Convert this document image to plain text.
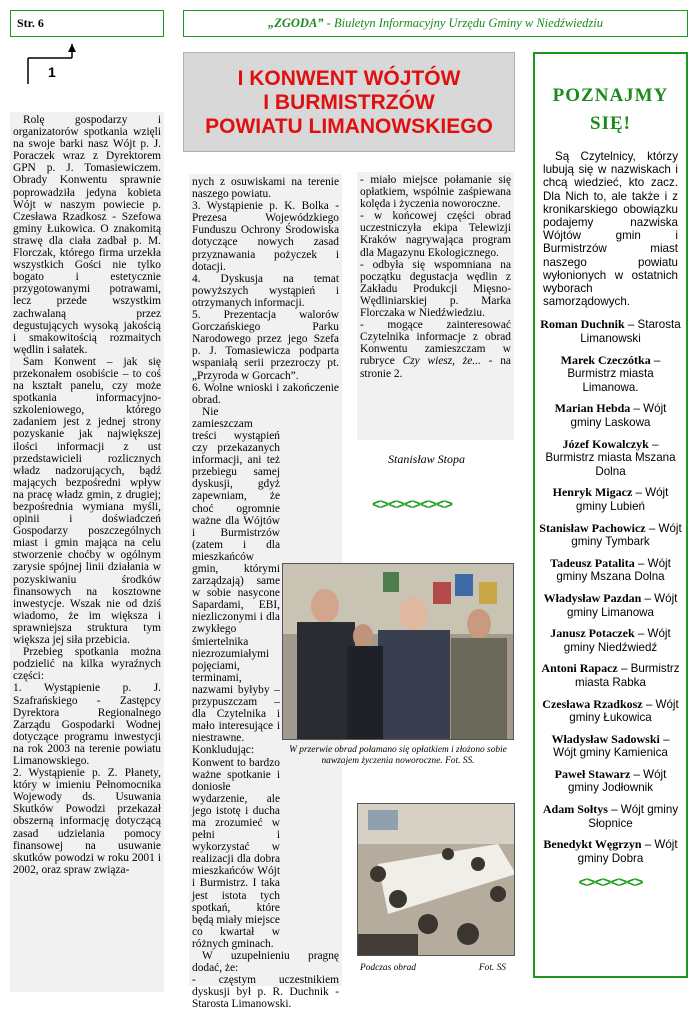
Str. 6	„ZGODA” - Biuletyn Informacyjny Urzędu Gminy w Niedźwiedziu
1

Rolę gospodarzy i organizatorów spotkania wzięli na swoje barki nasz Wójt p. J. Poraczek wraz z Dyrektorem GPN p. J. Tomasiewiczem. Obrady Konwentu sprawnie poprowadziła jedyna kobieta Wójt w naszym powiecie p. Czesława Rzadkosz - Szefowa gminy Łukowica. O znakomitą strawę dla ciała zadbał p. M. Florczak, którego firma urzekła wszystkich Gości nie tylko bogato i estetycznie przygotowanymi potrawami, lecz przede wszystkim zachwalaną przez degustujących wysoką jakością i smakowitością rozmaitych wędlin i sałatek.

Sam Konwent – jak się przekonałem osobiście – to coś na kształt panelu, czy może spotkania informacyjno-szkoleniowego, którego zadaniem jest z jednej strony pozyskanie jak największej ilości informacji z ust przedstawicieli rozlicznych władz nadzorujących, bądź mających bezpośredni wpływ na pracę władz gmin, z drugiej; bezpośrednia wymiana myśli, opinii i doświadczeń Gospodarzy poszczególnych miast i gmin mająca na celu stworzenie choćby w ogólnym zarysie spójnej linii działania w pozyskiwaniu środków finansowych na kosztowne inwestycje. Wszak nie od dziś wiadomo, że im większa i sprawniejsza struktura tym większa jej siła przebicia.

Przebieg spotkania można podzielić na kilka wyraźnych części:

1. Wystąpienie p. J. Szafrańskiego - Zastępcy Dyrektora Regionalnego Zarządu Gospodarki Wodnej dotyczące programu inwestycji na rok 2003 na terenie powiatu Limanowskiego.

2. Wystąpienie p. Z. Płanety, który w imieniu Pełnomocnika Wojewody ds. Usuwania Skutków Powodzi przekazał obszerną informację dotyczącą zasad udzielania pomocy finansowej na usuwanie skutków powodzi w roku 2001 i 2002, oraz spraw związa-

I KONWENT WÓJTÓW
I BURMISTRZÓW
POWIATU LIMANOWSKIEGO

nych z osuwiskami na terenie naszego powiatu.

3. Wystąpienie p. K. Bolka - Prezesa Wojewódzkiego Funduszu Ochrony Środowiska dotyczące nowych zasad przyznawania pożyczek i dotacji.

4. Dyskusja na temat powyższych wystąpień i otrzymanych informacji.

5. Prezentacja walorów Gorczańskiego Parku Narodowego przez jego Szefa p. J. Tomasiewicza podparta wspaniałą serii przezroczy pt. „Przyroda w Gorcach”.

6. Wolne wnioski i zakończenie obrad.

Nie zamieszczam treści wystąpień czy przekazanych informacji, ani też przebiegu samej dyskusji, gdyż zapewniam, że choć ogromnie ważne dla Wójtów i Burmistrzów (zatem i dla mieszkańców gmin, którymi zarządzają) same w sobie nasycone Sapardami, EBI, niezliczonymi i dla zwykłego śmiertelnika niezrozumiałymi pojęciami, terminami, nazwami byłyby – przypuszczam – dla Czytelnika i mało interesujące i niestrawne. Konkludując: Konwent to bardzo ważne spotkanie i doniosłe wydarzenie, ale jego istotę i ducha ma zrozumieć w pełni i wykorzystać w realizacji dla dobra mieszkańców Wójt i Burmistrz. I taka jest istota tych spotkań, które będą miały miejsce co kwartał w różnych gminach.

W uzupełnieniu pragnę dodać, że:

- częstym uczestnikiem dyskusji był p. R. Duchnik - Starosta Limanowski.

- miało miejsce połamanie się opłatkiem, wspólnie zaśpiewana kolęda i życzenia noworoczne.

- w końcowej części obrad uczestniczyła ekipa Telewizji Kraków nagrywająca program dla Magazynu Ekologicznego.

- odbyła się wspomniana na początku degustacja wędlin z Zakładu Produkcji Mięsno-Wędliniarskiej p. Marka Florczaka w Niedźwiedziu.

- mogące zainteresować Czytelnika informacje z obrad Konwentu zamieszczam w rubryce Czy wiesz, że... - na stronie 2.

Stanisław Stopa
<><><><><>
W przerwie obrad połamano się opłatkiem i złożono sobie nawzajem życzenia noworoczne. Fot. SS.
Podczas obrad	Fot. SS
POZNAJMY
SIĘ!

Są Czytelnicy, którzy lubują się w nazwiskach i chcą wiedzieć, kto zacz. Dla Nich to, ale także i z kronikarskiego obowiązku podajemy nazwiska Wójtów gmin i Burmistrzów miast naszego powiatu wyłonionych w ostatnich wyborach samorządowych.

Roman Duchnik – Starosta Limanowski
Marek Czeczótka – Burmistrz miasta Limanowa.
Marian Hebda – Wójt gminy Laskowa
Józef Kowalczyk – Burmistrz miasta Mszana Dolna
Henryk Migacz – Wójt gminy Lubień
Stanisław Pachowicz – Wójt gminy Tymbark
Tadeusz Patalita – Wójt gminy Mszana Dolna
Władysław Pazdan – Wójt gminy Limanowa
Janusz Potaczek – Wójt gminy Niedźwiedź
Antoni Rapacz – Burmistrz miasta Rabka
Czesława Rzadkosz – Wójt gminy Łukowica
Władysław Sadowski – Wójt gminy Kamienica
Paweł Stawarz – Wójt gminy Jodłownik
Adam Sołtys – Wójt gminy Słopnice
Benedykt Węgrzyn – Wójt gminy Dobra
<><><><>
